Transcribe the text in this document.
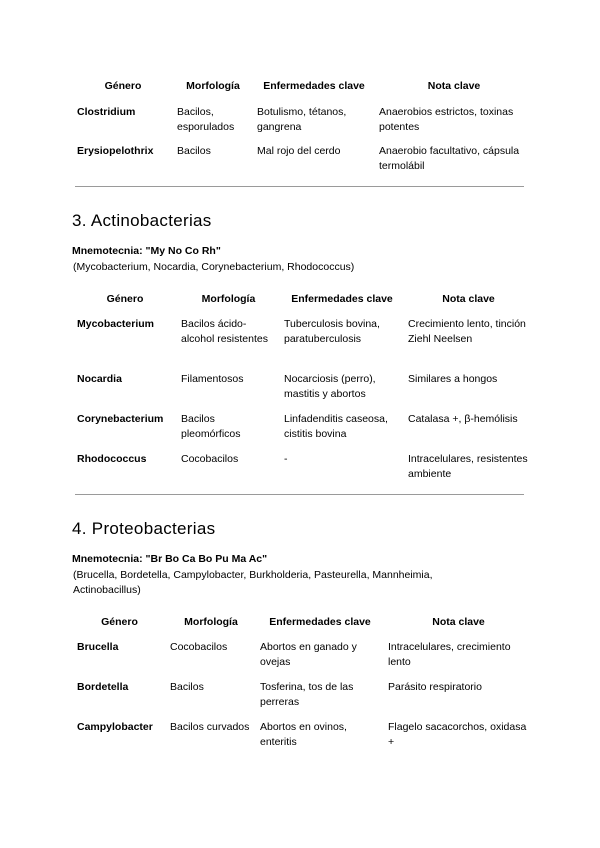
Género	Morfología	Enfermedades clave	Nota clave

Clostridium	Bacilos, esporulados	Botulismo, tétanos, gangrena	Anaerobios estrictos, toxinas potentes
Erysiopelothrix	Bacilos	Mal rojo del cerdo	Anaerobio facultativo, cápsula termolábil
3. Actinobacterias

Mnemotecnia: "My No Co Rh"

(Mycobacterium, Nocardia, Corynebacterium, Rhodococcus)

Género	Morfología	Enfermedades clave	Nota clave

Mycobacterium	Bacilos ácido-alcohol resistentes	Tuberculosis bovina, paratuberculosis	Crecimiento lento, tinción Ziehl Neelsen
Nocardia	Filamentosos	Nocarciosis (perro), mastitis y abortos	Similares a hongos
Corynebacterium	Bacilos pleomórficos	Linfadenditis caseosa, cistitis bovina	Catalasa +, β-hemólisis
Rhodococcus	Cocobacilos	-	Intracelulares, resistentes ambiente
4. Proteobacterias

Mnemotecnia: "Br Bo Ca Bo Pu Ma Ac"

(Brucella, Bordetella, Campylobacter, Burkholderia, Pasteurella, Mannheimia, Actinobacillus)

Género	Morfología	Enfermedades clave	Nota clave

Brucella	Cocobacilos	Abortos en ganado y ovejas	Intracelulares, crecimiento lento
Bordetella	Bacilos	Tosferina, tos de las perreras	Parásito respiratorio
Campylobacter	Bacilos curvados	Abortos en ovinos, enteritis	Flagelo sacacorchos, oxidasa +
